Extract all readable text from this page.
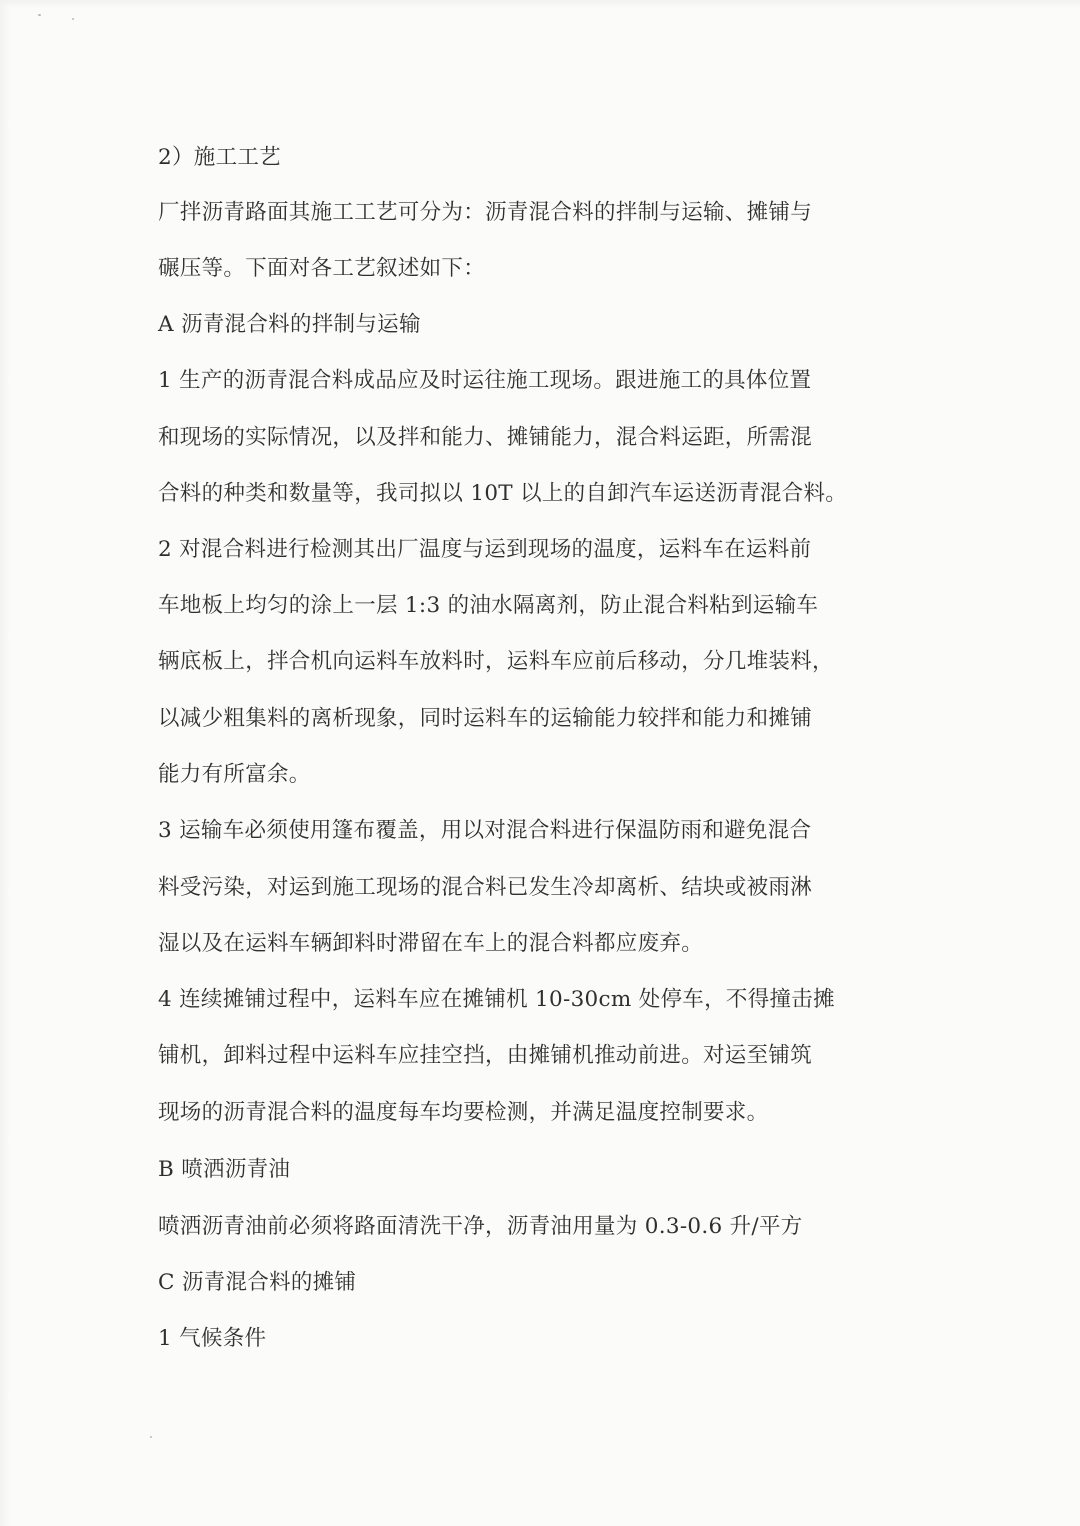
2）施工工艺
厂拌沥青路面其施工工艺可分为：沥青混合料的拌制与运输、摊铺与
碾压等。下面对各工艺叙述如下：
A 沥青混合料的拌制与运输
1 生产的沥青混合料成品应及时运往施工现场。跟进施工的具体位置
和现场的实际情况，以及拌和能力、摊铺能力，混合料运距，所需混
合料的种类和数量等，我司拟以 10T 以上的自卸汽车运送沥青混合料。
2 对混合料进行检测其出厂温度与运到现场的温度，运料车在运料前
车地板上均匀的涂上一层 1:3 的油水隔离剂，防止混合料粘到运输车
辆底板上，拌合机向运料车放料时，运料车应前后移动，分几堆装料，
以减少粗集料的离析现象，同时运料车的运输能力较拌和能力和摊铺
能力有所富余。
3 运输车必须使用篷布覆盖，用以对混合料进行保温防雨和避免混合
料受污染，对运到施工现场的混合料已发生冷却离析、结块或被雨淋
湿以及在运料车辆卸料时滞留在车上的混合料都应废弃。
4 连续摊铺过程中，运料车应在摊铺机 10-30cm 处停车，不得撞击摊
铺机，卸料过程中运料车应挂空挡，由摊铺机推动前进。对运至铺筑
现场的沥青混合料的温度每车均要检测，并满足温度控制要求。
B 喷洒沥青油
喷洒沥青油前必须将路面清洗干净，沥青油用量为 0.3-0.6 升/平方
C 沥青混合料的摊铺
1 气候条件
